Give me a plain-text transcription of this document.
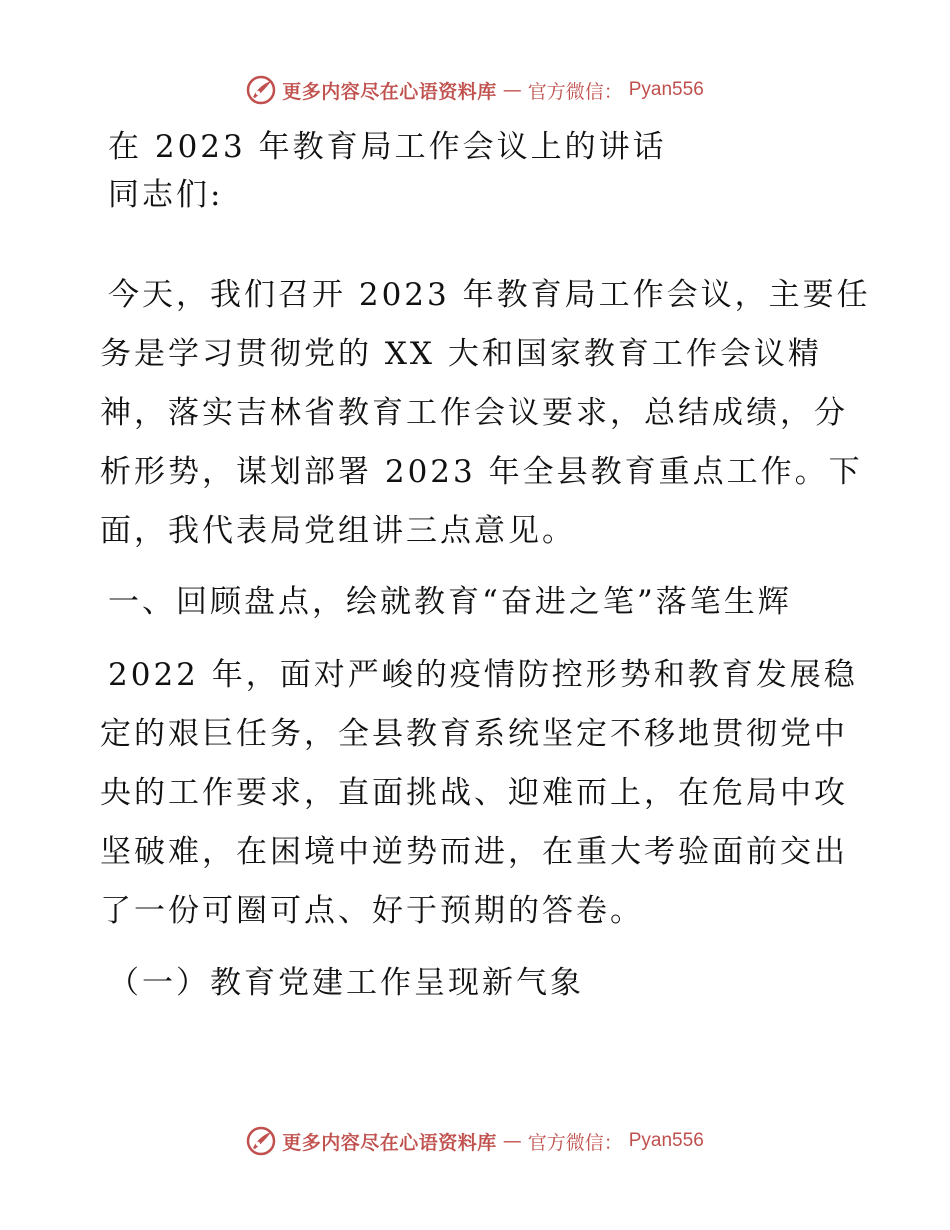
更多内容尽在心语资料库 — 官方微信： Pyan556
在 2023 年教育局工作会议上的讲话
同志们:
今天，我们召开 2023 年教育局工作会议，主要任
务是学习贯彻党的 XX 大和国家教育工作会议精
神，落实吉林省教育工作会议要求，总结成绩，分
析形势，谋划部署 2023 年全县教育重点工作。下
面，我代表局党组讲三点意见。
一、回顾盘点，绘就教育“奋进之笔”落笔生辉
2022 年，面对严峻的疫情防控形势和教育发展稳
定的艰巨任务，全县教育系统坚定不移地贯彻党中
央的工作要求，直面挑战、迎难而上，在危局中攻
坚破难，在困境中逆势而进，在重大考验面前交出
了一份可圈可点、好于预期的答卷。
（一）教育党建工作呈现新气象
更多内容尽在心语资料库 — 官方微信： Pyan556
